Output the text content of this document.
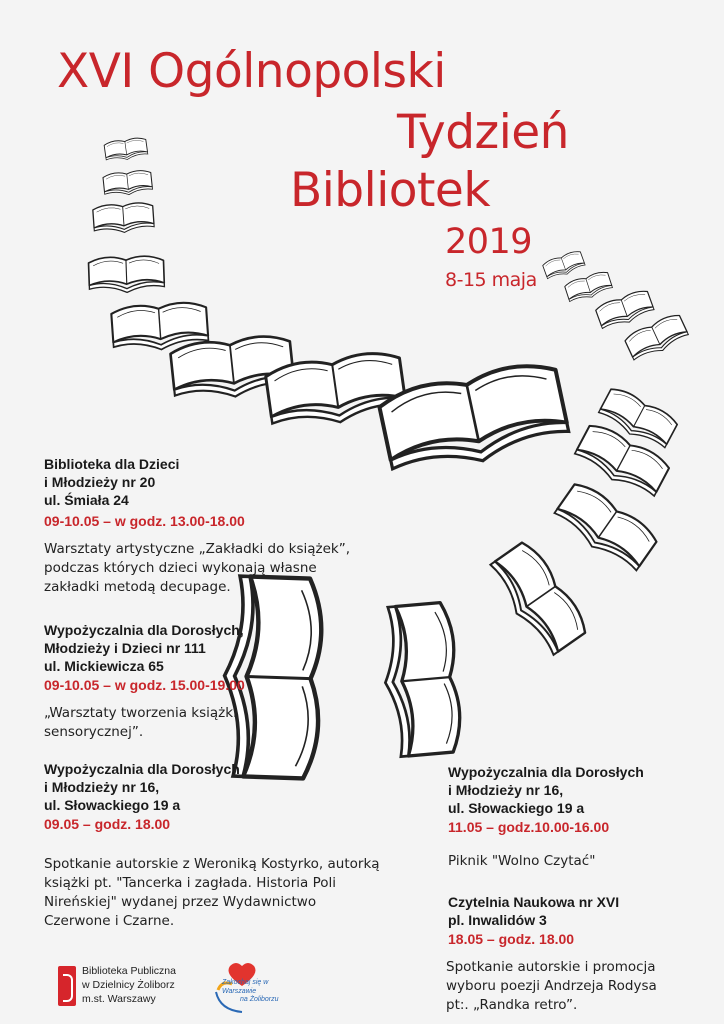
XVI Ogólnopolski
Tydzień
Bibliotek
2019
8-15 maja
Biblioteka dla Dzieci
i Młodzieży nr 20
ul. Śmiała 24
09-10.05 – w godz. 13.00-18.00
Warsztaty artystyczne „Zakładki do książek”,
podczas których dzieci wykonają własne
zakładki metodą decupage.
Wypożyczalnia dla Dorosłych,
Młodzieży i Dzieci nr 111
ul. Mickiewicza 65
09-10.05 – w godz. 15.00-19.00
„Warsztaty tworzenia książki
sensorycznej”.
Wypożyczalnia dla Dorosłych
i Młodzieży nr 16,
ul. Słowackiego 19 a
09.05 – godz. 18.00
Spotkanie autorskie z Weroniką Kostyrko, autorką
książki pt. "Tancerka i zagłada. Historia Poli
Nireńskiej" wydanej przez Wydawnictwo
Czerwone i Czarne.
Wypożyczalnia dla Dorosłych
i Młodzieży nr 16,
ul. Słowackiego 19 a
11.05 – godz.10.00-16.00
Piknik "Wolno Czytać"
Czytelnia Naukowa nr XVI
pl. Inwalidów 3
18.05 – godz. 18.00
Spotkanie autorskie i promocja
wyboru poezji Andrzeja Rodysa
pt:. „Randka retro”.
Biblioteka Publiczna
w Dzielnicy Żoliborz
m.st. Warszawy
Zakochaj się w
Warszawie
na Żoliborzu
